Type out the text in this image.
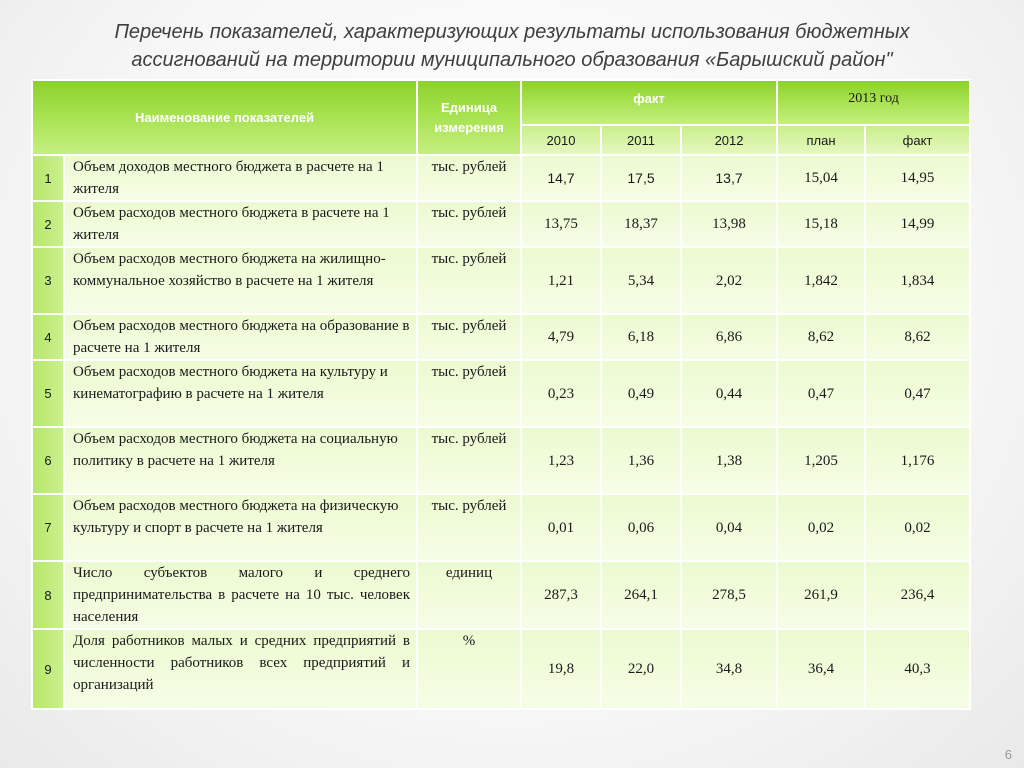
Перечень показателей, характеризующих результаты использования бюджетных
ассигнований на территории муниципального образования «Барышский район"
Наименование показателей		Единица измерения	факт			2013 год	
			2010	2011	2012	план	факт
1	Объем доходов местного бюджета в расчете на 1 жителя	тыс. рублей	14,7	17,5	13,7	15,04	14,95
2	Объем расходов местного бюджета в расчете на 1 жителя	тыс. рублей	13,75	18,37	13,98	15,18	14,99
3	Объем расходов местного бюджета на жилищно-коммунальное хозяйство в расчете на 1 жителя	тыс. рублей	1,21	5,34	2,02	1,842	1,834
4	Объем расходов местного бюджета на образование в расчете на 1 жителя	тыс. рублей	4,79	6,18	6,86	8,62	8,62
5	Объем расходов местного бюджета на культуру и кинематографию в расчете на 1 жителя	тыс. рублей	0,23	0,49	0,44	0,47	0,47
6	Объем расходов местного бюджета на социальную политику в расчете на 1 жителя	тыс. рублей	1,23	1,36	1,38	1,205	1,176
7	Объем расходов местного бюджета на физическую культуру и спорт в расчете на 1 жителя	тыс. рублей	0,01	0,06	0,04	0,02	0,02
8	Число субъектов малого и среднего предпринимательства в расчете на 10 тыс. человек населения	единиц	287,3	264,1	278,5	261,9	236,4
9	Доля работников малых и средних предприятий в численности работников всех предприятий и организаций	%	19,8	22,0	34,8	36,4	40,3
6
